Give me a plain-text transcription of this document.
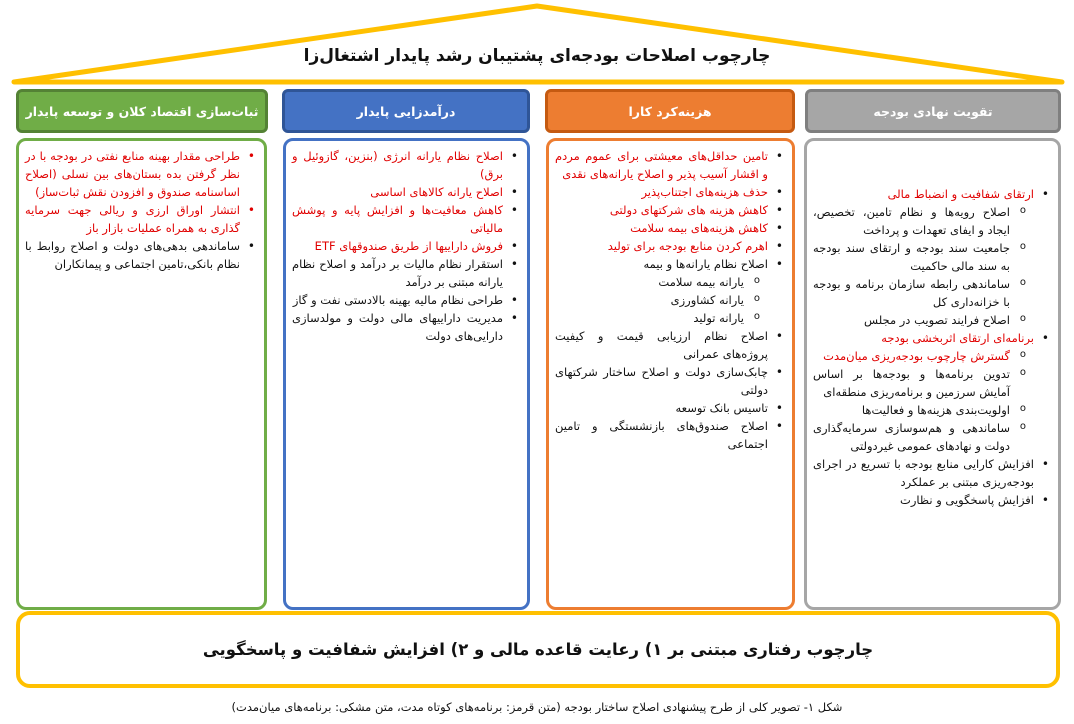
چارچوب اصلاحات بودجه‌ای پشتیبان رشد پایدار اشتغال‌زا
تقویت نهادی بودجه
هزینه‌کرد کارا
درآمدزایی پایدار
ثبات‌سازی اقتصاد کلان و توسعه پایدار
• ارتقای شفافیت و انضباط مالی
o اصلاح رویه‌ها و نظام تامین، تخصیص، ایجاد و ایفای تعهدات و پرداخت
o جامعیت سند بودجه و ارتقای سند بودجه به سند مالی حاکمیت
o ساماندهی رابطه سازمان برنامه و بودجه با خزانه‌داری کل
o اصلاح فرایند تصویب در مجلس
• برنامه‌ای ارتقای اثربخشی بودجه
o گسترش چارچوب بودجه‌ریزی میان‌مدت
o تدوین برنامه‌ها و بودجه‌ها بر اساس آمایش سرزمین و برنامه‌ریزی منطقه‌ای
o اولویت‌بندی هزینه‌ها و فعالیت‌ها
o ساماندهی و هم‌سوسازی سرمایه‌گذاری دولت و نهادهای عمومی غیردولتی
• افزایش کارایی منابع بودجه با تسریع در اجرای بودجه‌ریزی مبتنی بر عملکرد
• افزایش پاسخگویی و نظارت
• تامین حداقل‌های معیشتی برای عموم مردم و اقشار آسیب پذیر و اصلاح یارانه‌های نقدی
• حذف هزینه‌های اجتناب‌پذیر
• کاهش هزینه های شرکتهای دولتی
• کاهش هزینه‌های بیمه سلامت
• اهرم کردن منابع بودجه برای تولید
• اصلاح نظام یارانه‌ها و بیمه
o یارانه بیمه سلامت
o یارانه کشاورزی
o یارانه تولید
• اصلاح نظام ارزیابی قیمت و کیفیت پروژه‌های عمرانی
• چابک‌سازی دولت و اصلاح ساختار شرکتهای دولتی
• تاسیس بانک توسعه
• اصلاح صندوق‌های بازنشستگی و تامین اجتماعی
• اصلاح نظام یارانه انرژی (بنزین، گازوئیل و برق)
• اصلاح یارانه کالاهای اساسی
• کاهش معافیت‌ها و افزایش پایه و پوشش مالیاتی
• فروش داراییها از طریق صندوقهای ETF
• استقرار نظام مالیات بر درآمد و اصلاح نظام یارانه مبتنی بر درآمد
• طراحی نظام مالیه بهینه بالادستی نفت و گاز
• مدیریت داراییهای مالی دولت و مولدسازی دارایی‌های دولت
• طراحی مقدار بهینه منابع نفتی در بودجه با در نظر گرفتن بده بستان‌های بین نسلی (اصلاح اساسنامه صندوق و افزودن نقش ثبات‌ساز)
• انتشار اوراق ارزی و ریالی جهت سرمایه گذاری به همراه عملیات بازار باز
• ساماندهی بدهی‌های دولت و اصلاح روابط با نظام بانکی،تامین اجتماعی و پیمانکاران
چارچوب رفتاری مبتنی بر ۱) رعایت قاعده مالی و ۲) افزایش شفافیت و پاسخگویی
شکل ۱- تصویر کلی از طرح پیشنهادی اصلاح ساختار بودجه (متن قرمز: برنامه‌های کوتاه مدت، متن مشکی: برنامه‌های میان‌مدت)
